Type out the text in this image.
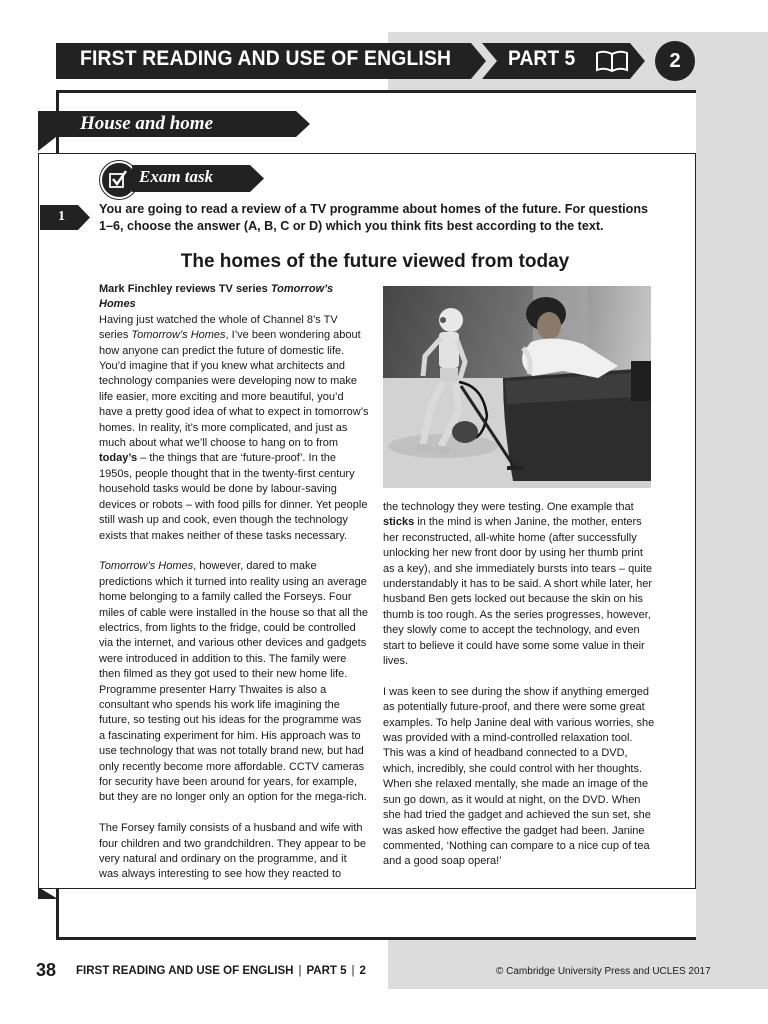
FIRST READING AND USE OF ENGLISH	PART 5	2
House and home
Exam task
1	You are going to read a review of a TV programme about homes of the future. For questions 1–6, choose the answer (A, B, C or D) which you think fits best according to the text.
The homes of the future viewed from today
Mark Finchley reviews TV series Tomorrow’s Homes

Having just watched the whole of Channel 8’s TV series Tomorrow’s Homes, I’ve been wondering about how anyone can predict the future of domestic life. You’d imagine that if you knew what architects and technology companies were developing now to make life easier, more exciting and more beautiful, you’d have a pretty good idea of what to expect in tomorrow’s homes. In reality, it’s more complicated, and just as much about what we’ll choose to hang on to from today’s – the things that are ‘future-proof’. In the 1950s, people thought that in the twenty-first century household tasks would be done by labour-saving devices or robots – with food pills for dinner. Yet people still wash up and cook, even though the technology exists that makes neither of these tasks necessary.

Tomorrow’s Homes, however, dared to make predictions which it turned into reality using an average home belonging to a family called the Forseys. Four miles of cable were installed in the house so that all the electrics, from lights to the fridge, could be controlled via the internet, and various other devices and gadgets were introduced in addition to this. The family were then filmed as they got used to their new home life. Programme presenter Harry Thwaites is also a consultant who spends his work life imagining the future, so testing out his ideas for the programme was a fascinating experiment for him. His approach was to use technology that was not totally brand new, but had only recently become more affordable. CCTV cameras for security have been around for years, for example, but they are no longer only an option for the mega-rich.

The Forsey family consists of a husband and wife with four children and two grandchildren. They appear to be very natural and ordinary on the programme, and it was always interesting to see how they reacted to

the technology they were testing. One example that sticks in the mind is when Janine, the mother, enters her reconstructed, all-white home (after successfully unlocking her new front door by using her thumb print as a key), and she immediately bursts into tears – quite understandably it has to be said. A short while later, her husband Ben gets locked out because the skin on his thumb is too rough. As the series progresses, however, they slowly come to accept the technology, and even start to believe it could have some some value in their lives.

I was keen to see during the show if anything emerged as potentially future-proof, and there were some great examples. To help Janine deal with various worries, she was provided with a mind-controlled relaxation tool. This was a kind of headband connected to a DVD, which, incredibly, she could control with her thoughts. When she relaxed mentally, she made an image of the sun go down, as it would at night, on the DVD. When she had tried the gadget and achieved the sun set, she was asked how effective the gadget had been. Janine commented, ‘Nothing can compare to a nice cup of tea and a good soap opera!’

38 FIRST READING AND USE OF ENGLISH | PART 5 | 2	© Cambridge University Press and UCLES 2017
